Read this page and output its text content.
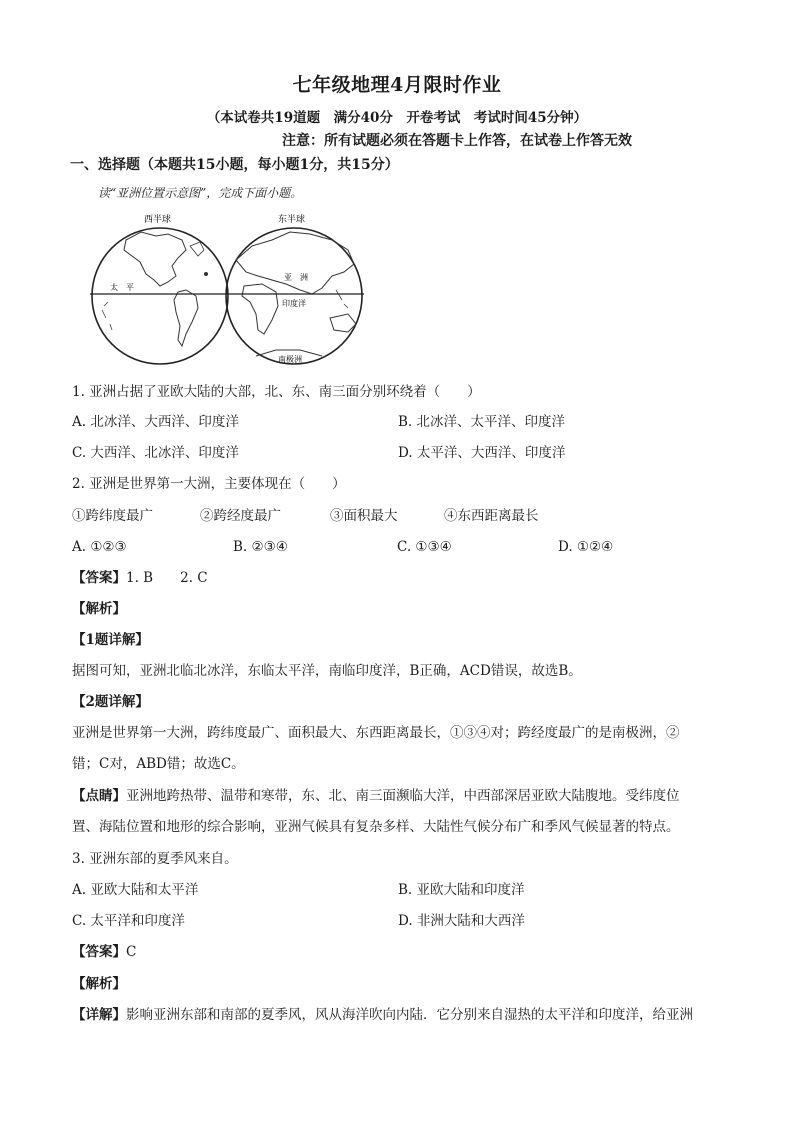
七年级地理4月限时作业
（本试卷共19道题　满分40分　开卷考试　考试时间45分钟）
注意：所有试题必须在答题卡上作答，在试卷上作答无效
一、选择题（本题共15小题，每小题1分，共15分）
读“亚洲位置示意图”，完成下面小题。
西半球	东半球
太　平
亚　洲
印度洋
南极洲
1. 亚洲占据了亚欧大陆的大部，北、东、南三面分别环绕着（　　）
A. 北冰洋、大西洋、印度洋	B. 北冰洋、太平洋、印度洋
C. 大西洋、北冰洋、印度洋	D. 太平洋、大西洋、印度洋
2. 亚洲是世界第一大洲，主要体现在（　　）
①跨纬度最广	②跨经度最广	③面积最大	④东西距离最长
A. ①②③	B. ②③④	C. ①③④	D. ①②④
【答案】1. B　　2. C
【解析】
【1题详解】
据图可知，亚洲北临北冰洋，东临太平洋，南临印度洋，B正确，ACD错误，故选B。
【2题详解】
亚洲是世界第一大洲，跨纬度最广、面积最大、东西距离最长，①③④对；跨经度最广的是南极洲，②
错；C对，ABD错；故选C。
【点睛】亚洲地跨热带、温带和寒带，东、北、南三面濒临大洋，中西部深居亚欧大陆腹地。受纬度位
置、海陆位置和地形的综合影响，亚洲气候具有复杂多样、大陆性气候分布广和季风气候显著的特点。
3. 亚洲东部的夏季风来自。
A. 亚欧大陆和太平洋	B. 亚欧大陆和印度洋
C. 太平洋和印度洋	D. 非洲大陆和大西洋
【答案】C
【解析】
【详解】影响亚洲东部和南部的夏季风，风从海洋吹向内陆．它分别来自湿热的太平洋和印度洋，给亚洲
